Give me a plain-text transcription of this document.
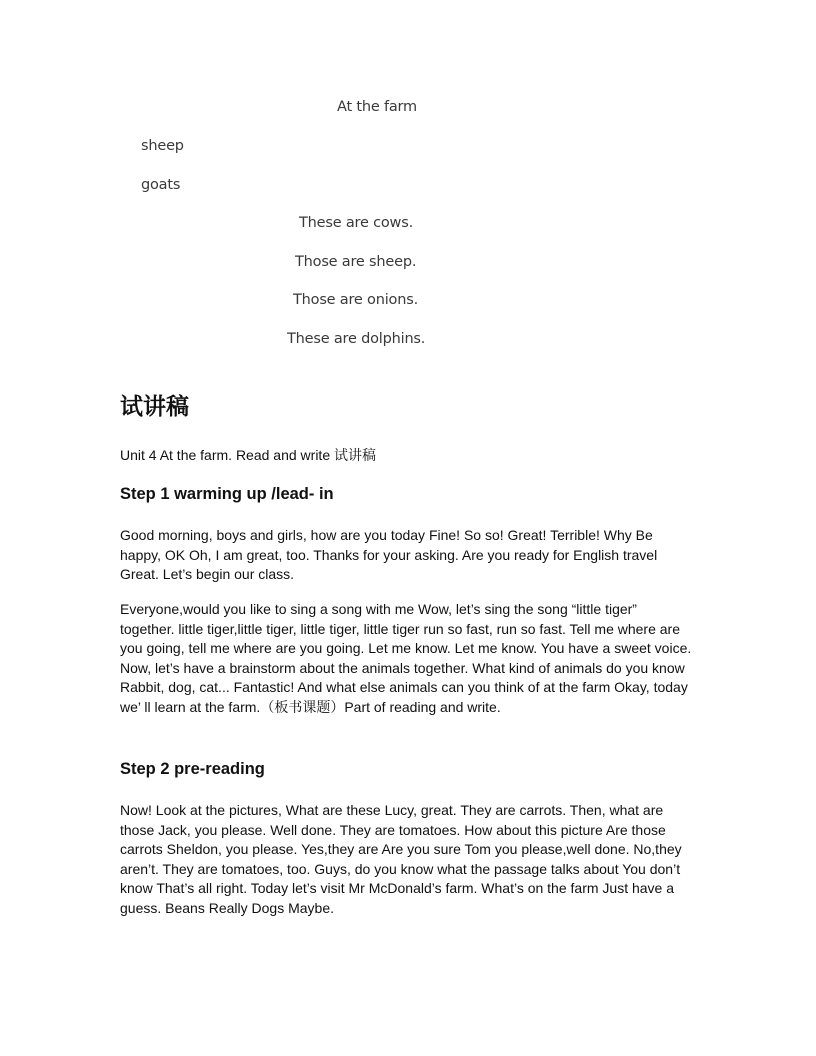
At the farm
sheep
goats
These are cows.
Those are sheep.
Those are onions.
These are dolphins.
试讲稿
Unit 4 At the farm. Read and write 试讲稿
Step 1 warming up /lead- in
Good morning, boys and girls, how are you today Fine! So so! Great! Terrible! Why Be happy, OK Oh, I am great, too. Thanks for your asking. Are you ready for English travel Great. Let’s begin our class.
Everyone,would you like to sing a song with me Wow, let’s sing the song “little tiger” together. little tiger,little tiger, little tiger, little tiger run so fast, run so fast. Tell me where are you going, tell me where are you going. Let me know. Let me know. You have a sweet voice. Now, let’s have a brainstorm about the animals together. What kind of animals do you know Rabbit, dog, cat... Fantastic! And what else animals can you think of at the farm Okay, today we’ ll learn at the farm.（板书课题）Part of reading and write.
Step 2 pre-reading
Now! Look at the pictures, What are these Lucy, great. They are carrots. Then, what are those Jack, you please. Well done. They are tomatoes. How about this picture Are those carrots Sheldon, you please. Yes,they are Are you sure Tom you please,well done. No,they aren’t. They are tomatoes, too. Guys, do you know what the passage talks about You don’t know That’s all right. Today let’s visit Mr McDonald’s farm. What’s on the farm Just have a guess. Beans Really Dogs Maybe.
